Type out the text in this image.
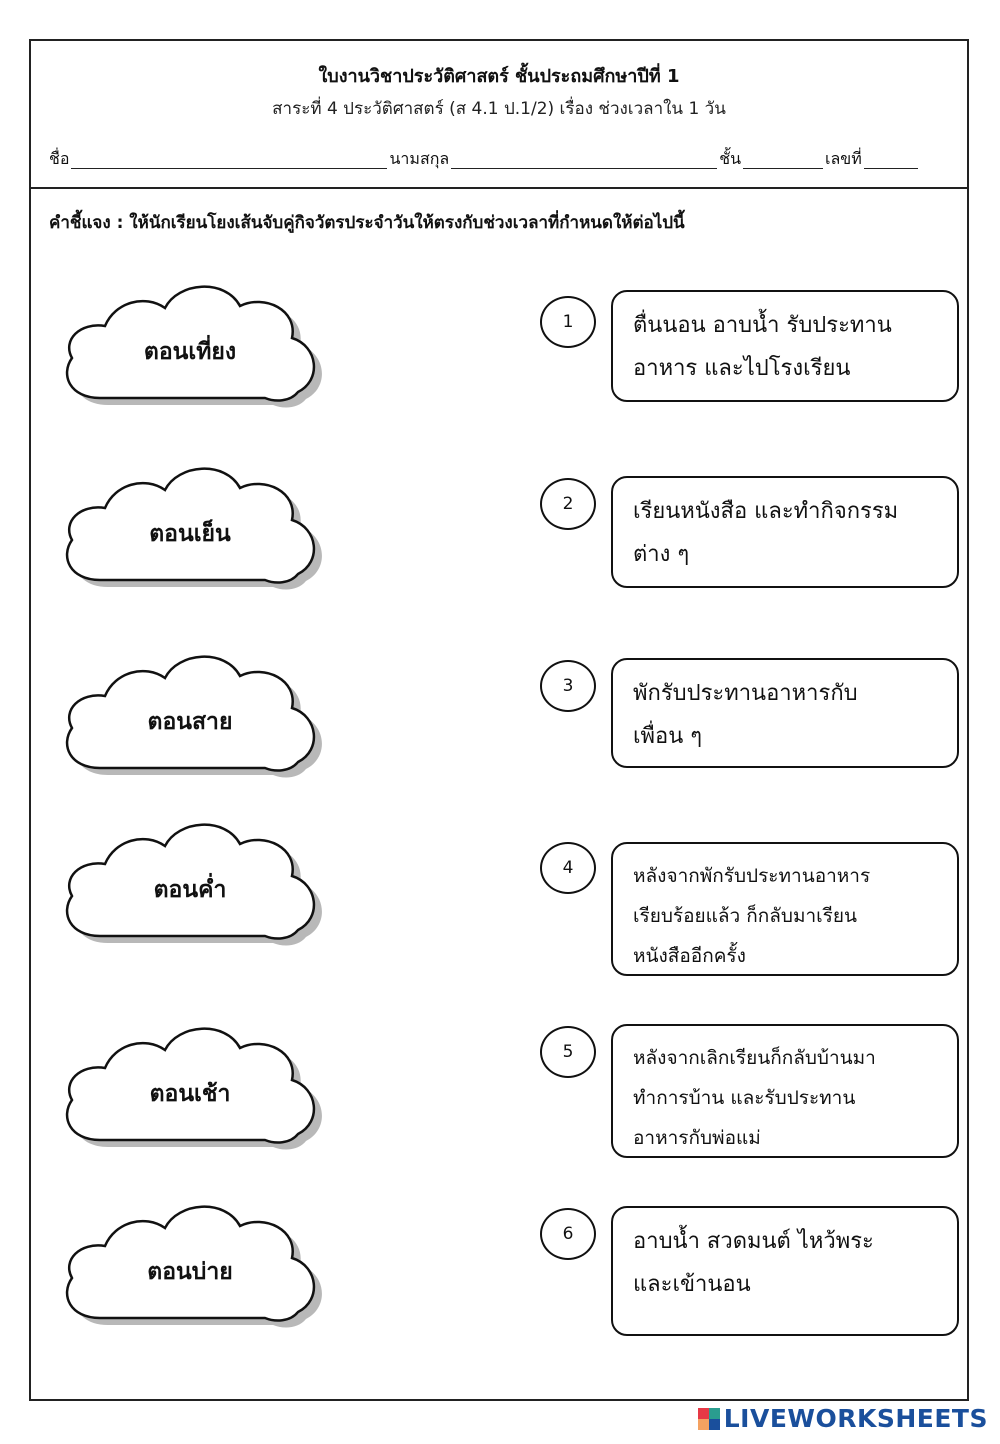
ใบงานวิชาประวัติศาสตร์ ชั้นประถมศึกษาปีที่ 1
สาระที่ 4 ประวัติศาสตร์ (ส 4.1 ป.1/2) เรื่อง ช่วงเวลาใน 1 วัน
ชื่อ	นามสกุล	ชั้น	เลขที่
คำชี้แจง : ให้นักเรียนโยงเส้นจับคู่กิจวัตรประจำวันให้ตรงกับช่วงเวลาที่กำหนดให้ต่อไปนี้
ตอนเที่ยง
ตอนเย็น
ตอนสาย
ตอนค่ำ
ตอนเช้า
ตอนบ่าย
1	ตื่นนอน อาบน้ำ รับประทาน
อาหาร และไปโรงเรียน
2	เรียนหนังสือ และทำกิจกรรม
ต่าง ๆ
3	พักรับประทานอาหารกับ
เพื่อน ๆ
4	หลังจากพักรับประทานอาหาร
เรียบร้อยแล้ว ก็กลับมาเรียน
หนังสืออีกครั้ง
5	หลังจากเลิกเรียนก็กลับบ้านมา
ทำการบ้าน และรับประทาน
อาหารกับพ่อแม่
6	อาบน้ำ สวดมนต์ ไหว้พระ
และเข้านอน
LIVEWORKSHEETS
